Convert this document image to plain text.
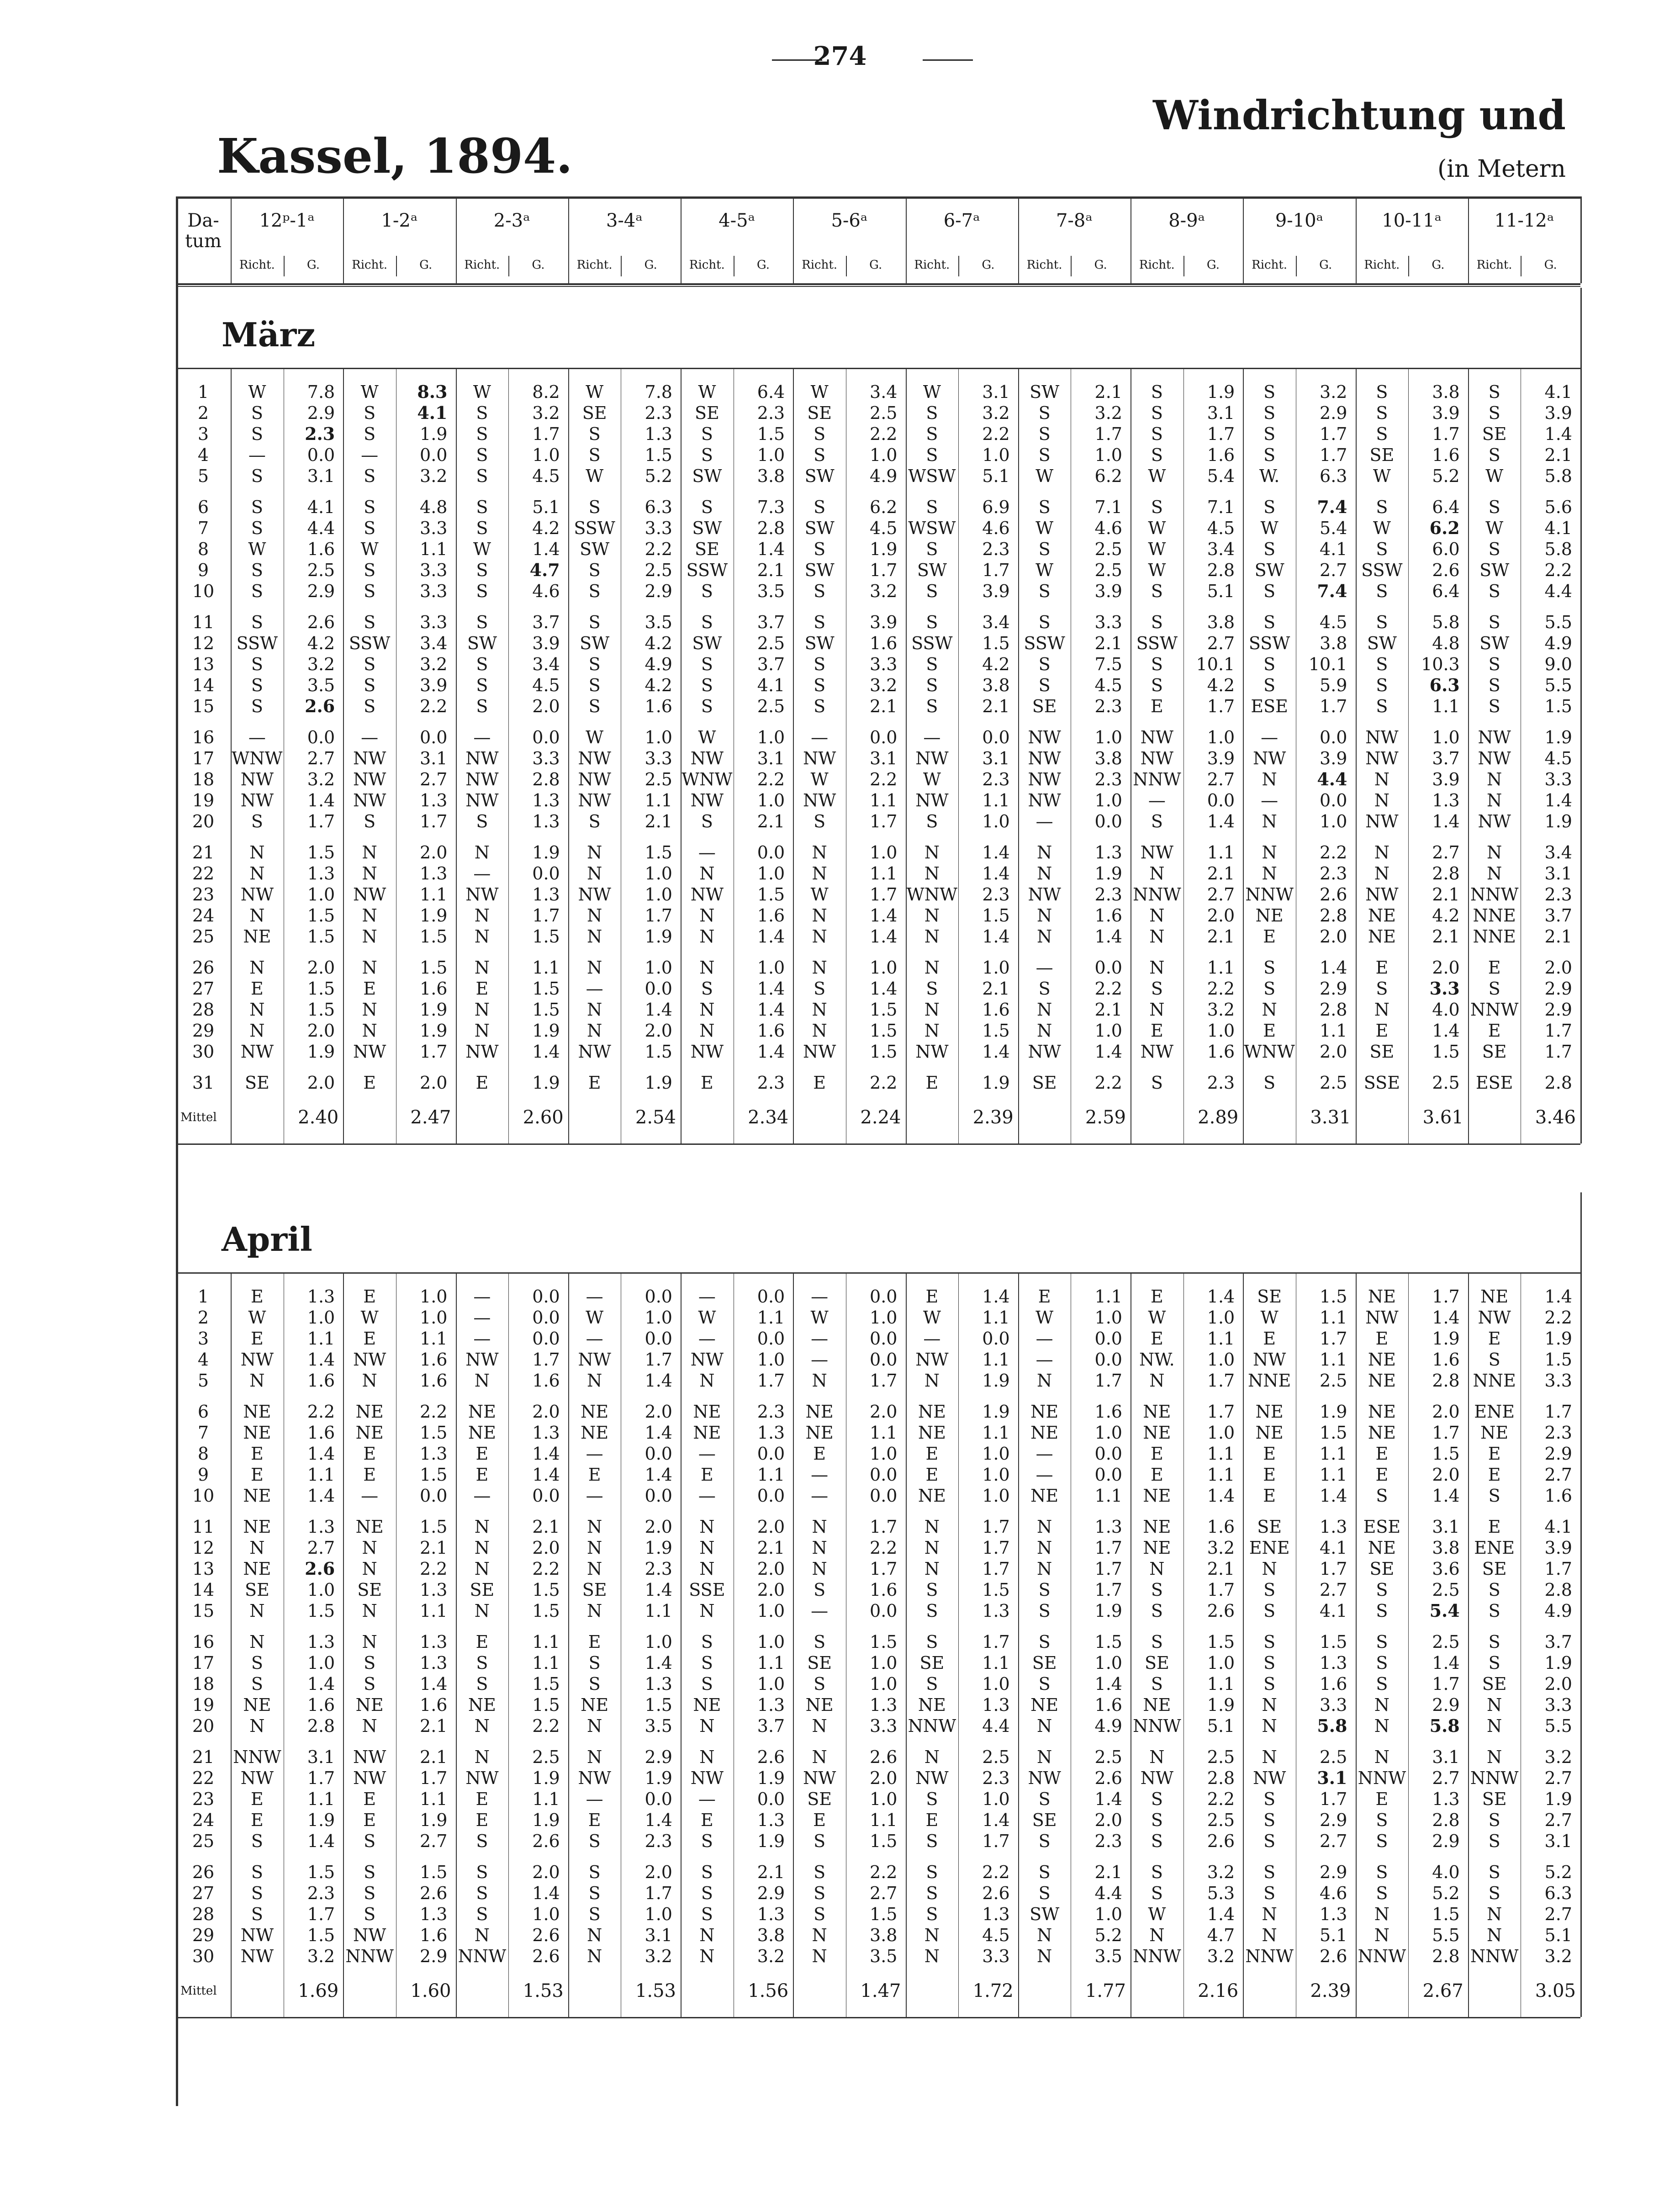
274
Kassel, 1894.
Windrichtung und
(in Metern
Da-
tum
12ᵖ-1ᵃ
Richt.	G.
1-2ᵃ
Richt.	G.
2-3ᵃ
Richt.	G.
3-4ᵃ
Richt.	G.
4-5ᵃ
Richt.	G.
5-6ᵃ
Richt.	G.
6-7ᵃ
Richt.	G.
7-8ᵃ
Richt.	G.
8-9ᵃ
Richt.	G.
9-10ᵃ
Richt.	G.
10-11ᵃ
Richt.	G.
11-12ᵃ
Richt.	G.
März
1	W	7.8	W	8.3	W	8.2	W	7.8	W	6.4	W	3.4	W	3.1	SW	2.1	S	1.9	S	3.2	S	3.8	S	4.1
2	S	2.9	S	4.1	S	3.2	SE	2.3	SE	2.3	SE	2.5	S	3.2	S	3.2	S	3.1	S	2.9	S	3.9	S	3.9
3	S	2.3	S	1.9	S	1.7	S	1.3	S	1.5	S	2.2	S	2.2	S	1.7	S	1.7	S	1.7	S	1.7	SE	1.4
4	—	0.0	—	0.0	S	1.0	S	1.5	S	1.0	S	1.0	S	1.0	S	1.0	S	1.6	S	1.7	SE	1.6	S	2.1
5	S	3.1	S	3.2	S	4.5	W	5.2	SW	3.8	SW	4.9 WSW	5.1	W	6.2	W	5.4	W.	6.3	W	5.2	W	5.8
6	S	4.1	S	4.8	S	5.1	S	6.3	S	7.3	S	6.2	S	6.9	S	7.1	S	7.1	S	7.4	S	6.4	S	5.6
7	S	4.4	S	3.3	S	4.2 SSW	3.3	SW	2.8	SW	4.5 WSW	4.6	W	4.6	W	4.5	W	5.4	W	6.2	W	4.1
8	W	1.6	W	1.1	W	1.4	SW	2.2	SE	1.4	S	1.9	S	2.3	S	2.5	W	3.4	S	4.1	S	6.0	S	5.8
9	S	2.5	S	3.3	S	4.7	S	2.5 SSW	2.1	SW	1.7	SW	1.7	W	2.5	W	2.8	SW	2.7 SSW	2.6	SW	2.2
10	S	2.9	S	3.3	S	4.6	S	2.9	S	3.5	S	3.2	S	3.9	S	3.9	S	5.1	S	7.4	S	6.4	S	4.4
11	S	2.6	S	3.3	S	3.7	S	3.5	S	3.7	S	3.9	S	3.4	S	3.3	S	3.8	S	4.5	S	5.8	S	5.5
12	SSW	4.2 SSW	3.4	SW	3.9	SW	4.2	SW	2.5	SW	1.6 SSW	1.5 SSW	2.1 SSW	2.7 SSW	3.8	SW	4.8	SW	4.9
13	S	3.2	S	3.2	S	3.4	S	4.9	S	3.7	S	3.3	S	4.2	S	7.5	S	10.1	S	10.1	S	10.3	S	9.0
14	S	3.5	S	3.9	S	4.5	S	4.2	S	4.1	S	3.2	S	3.8	S	4.5	S	4.2	S	5.9	S	6.3	S	5.5
15	S	2.6	S	2.2	S	2.0	S	1.6	S	2.5	S	2.1	S	2.1	SE	2.3	E	1.7 ESE	1.7	S	1.1	S	1.5
16	—	0.0	—	0.0	—	0.0	W	1.0	W	1.0	—	0.0	—	0.0	NW	1.0	NW	1.0	—	0.0	NW	1.0	NW	1.9
17	WNW	2.7	NW	3.1	NW	3.3	NW	3.3	NW	3.1	NW	3.1	NW	3.1	NW	3.8	NW	3.9	NW	3.9	NW	3.7	NW	4.5
18	NW	3.2	NW	2.7	NW	2.8	NW	2.5 WNW	2.2	W	2.2	W	2.3	NW	2.3 NNW	2.7	N	4.4	N	3.9	N	3.3
19	NW	1.4	NW	1.3	NW	1.3	NW	1.1	NW	1.0	NW	1.1	NW	1.1	NW	1.0	—	0.0	—	0.0	N	1.3	N	1.4
20	S	1.7	S	1.7	S	1.3	S	2.1	S	2.1	S	1.7	S	1.0	—	0.0	S	1.4	N	1.0	NW	1.4	NW	1.9
21	N	1.5	N	2.0	N	1.9	N	1.5	—	0.0	N	1.0	N	1.4	N	1.3	NW	1.1	N	2.2	N	2.7	N	3.4
22	N	1.3	N	1.3	—	0.0	N	1.0	N	1.0	N	1.1	N	1.4	N	1.9	N	2.1	N	2.3	N	2.8	N	3.1
23	NW	1.0	NW	1.1	NW	1.3	NW	1.0	NW	1.5	W	1.7 WNW	2.3	NW	2.3 NNW	2.7 NNW	2.6	NW	2.1 NNW	2.3
24	N	1.5	N	1.9	N	1.7	N	1.7	N	1.6	N	1.4	N	1.5	N	1.6	N	2.0	NE	2.8	NE	4.2 NNE	3.7
25	NE	1.5	N	1.5	N	1.5	N	1.9	N	1.4	N	1.4	N	1.4	N	1.4	N	2.1	E	2.0	NE	2.1 NNE	2.1
26	N	2.0	N	1.5	N	1.1	N	1.0	N	1.0	N	1.0	N	1.0	—	0.0	N	1.1	S	1.4	E	2.0	E	2.0
27	E	1.5	E	1.6	E	1.5	—	0.0	S	1.4	S	1.4	S	2.1	S	2.2	S	2.2	S	2.9	S	3.3	S	2.9
28	N	1.5	N	1.9	N	1.5	N	1.4	N	1.4	N	1.5	N	1.6	N	2.1	N	3.2	N	2.8	N	4.0 NNW	2.9
29	N	2.0	N	1.9	N	1.9	N	2.0	N	1.6	N	1.5	N	1.5	N	1.0	E	1.0	E	1.1	E	1.4	E	1.7
30	NW	1.9	NW	1.7	NW	1.4	NW	1.5	NW	1.4	NW	1.5	NW	1.4	NW	1.4	NW	1.6 WNW	2.0	SE	1.5	SE	1.7
31	SE	2.0	E	2.0	E	1.9	E	1.9	E	2.3	E	2.2	E	1.9	SE	2.2	S	2.3	S	2.5 SSE	2.5 ESE	2.8
Mittel	2.40	2.47	2.60	2.54	2.34	2.24	2.39	2.59	2.89	3.31	3.61	3.46
April
1	E	1.3	E	1.0	—	0.0	—	0.0	—	0.0	—	0.0	E	1.4	E	1.1	E	1.4	SE	1.5	NE	1.7	NE	1.4
2	W	1.0	W	1.0	—	0.0	W	1.0	W	1.1	W	1.0	W	1.1	W	1.0	W	1.0	W	1.1	NW	1.4	NW	2.2
3	E	1.1	E	1.1	—	0.0	—	0.0	—	0.0	—	0.0	—	0.0	—	0.0	E	1.1	E	1.7	E	1.9	E	1.9
4	NW	1.4	NW	1.6	NW	1.7	NW	1.7	NW	1.0	—	0.0	NW	1.1	—	0.0 NW.	1.0	NW	1.1	NE	1.6	S	1.5
5	N	1.6	N	1.6	N	1.6	N	1.4	N	1.7	N	1.7	N	1.9	N	1.7	N	1.7 NNE	2.5	NE	2.8 NNE	3.3
6	NE	2.2	NE	2.2	NE	2.0	NE	2.0	NE	2.3	NE	2.0	NE	1.9	NE	1.6	NE	1.7	NE	1.9	NE	2.0 ENE	1.7
7	NE	1.6	NE	1.5	NE	1.3	NE	1.4	NE	1.3	NE	1.1	NE	1.1	NE	1.0	NE	1.0	NE	1.5	NE	1.7	NE	2.3
8	E	1.4	E	1.3	E	1.4	—	0.0	—	0.0	E	1.0	E	1.0	—	0.0	E	1.1	E	1.1	E	1.5	E	2.9
9	E	1.1	E	1.5	E	1.4	E	1.4	E	1.1	—	0.0	E	1.0	—	0.0	E	1.1	E	1.1	E	2.0	E	2.7
10	NE	1.4	—	0.0	—	0.0	—	0.0	—	0.0	—	0.0	NE	1.0	NE	1.1	NE	1.4	E	1.4	S	1.4	S	1.6
11	NE	1.3	NE	1.5	N	2.1	N	2.0	N	2.0	N	1.7	N	1.7	N	1.3	NE	1.6	SE	1.3 ESE	3.1	E	4.1
12	N	2.7	N	2.1	N	2.0	N	1.9	N	2.1	N	2.2	N	1.7	N	1.7	NE	3.2 ENE	4.1	NE	3.8 ENE	3.9
13	NE	2.6	N	2.2	N	2.2	N	2.3	N	2.0	N	1.7	N	1.7	N	1.7	N	2.1	N	1.7	SE	3.6	SE	1.7
14	SE	1.0	SE	1.3	SE	1.5	SE	1.4 SSE	2.0	S	1.6	S	1.5	S	1.7	S	1.7	S	2.7	S	2.5	S	2.8
15	N	1.5	N	1.1	N	1.5	N	1.1	N	1.0	—	0.0	S	1.3	S	1.9	S	2.6	S	4.1	S	5.4	S	4.9
16	N	1.3	N	1.3	E	1.1	E	1.0	S	1.0	S	1.5	S	1.7	S	1.5	S	1.5	S	1.5	S	2.5	S	3.7
17	S	1.0	S	1.3	S	1.1	S	1.4	S	1.1	SE	1.0	SE	1.1	SE	1.0	SE	1.0	S	1.3	S	1.4	S	1.9
18	S	1.4	S	1.4	S	1.5	S	1.3	S	1.0	S	1.0	S	1.0	S	1.4	S	1.1	S	1.6	S	1.7	SE	2.0
19	NE	1.6	NE	1.6	NE	1.5	NE	1.5	NE	1.3	NE	1.3	NE	1.3	NE	1.6	NE	1.9	N	3.3	N	2.9	N	3.3
20	N	2.8	N	2.1	N	2.2	N	3.5	N	3.7	N	3.3 NNW	4.4	N	4.9 NNW	5.1	N	5.8	N	5.8	N	5.5
21	NNW	3.1	NW	2.1	N	2.5	N	2.9	N	2.6	N	2.6	N	2.5	N	2.5	N	2.5	N	2.5	N	3.1	N	3.2
22	NW	1.7	NW	1.7	NW	1.9	NW	1.9	NW	1.9	NW	2.0	NW	2.3	NW	2.6	NW	2.8	NW	3.1 NNW	2.7 NNW	2.7
23	E	1.1	E	1.1	E	1.1	—	0.0	—	0.0	SE	1.0	S	1.0	S	1.4	S	2.2	S	1.7	E	1.3	SE	1.9
24	E	1.9	E	1.9	E	1.9	E	1.4	E	1.3	E	1.1	E	1.4	SE	2.0	S	2.5	S	2.9	S	2.8	S	2.7
25	S	1.4	S	2.7	S	2.6	S	2.3	S	1.9	S	1.5	S	1.7	S	2.3	S	2.6	S	2.7	S	2.9	S	3.1
26	S	1.5	S	1.5	S	2.0	S	2.0	S	2.1	S	2.2	S	2.2	S	2.1	S	3.2	S	2.9	S	4.0	S	5.2
27	S	2.3	S	2.6	S	1.4	S	1.7	S	2.9	S	2.7	S	2.6	S	4.4	S	5.3	S	4.6	S	5.2	S	6.3
28	S	1.7	S	1.3	S	1.0	S	1.0	S	1.3	S	1.5	S	1.3	SW	1.0	W	1.4	N	1.3	N	1.5	N	2.7
29	NW	1.5	NW	1.6	N	2.6	N	3.1	N	3.8	N	3.8	N	4.5	N	5.2	N	4.7	N	5.1	N	5.5	N	5.1
30	NW	3.2 NNW	2.9 NNW	2.6	N	3.2	N	3.2	N	3.5	N	3.3	N	3.5 NNW	3.2 NNW	2.6 NNW	2.8 NNW	3.2
Mittel	1.69	1.60	1.53	1.53	1.56	1.47	1.72	1.77	2.16	2.39	2.67	3.05
